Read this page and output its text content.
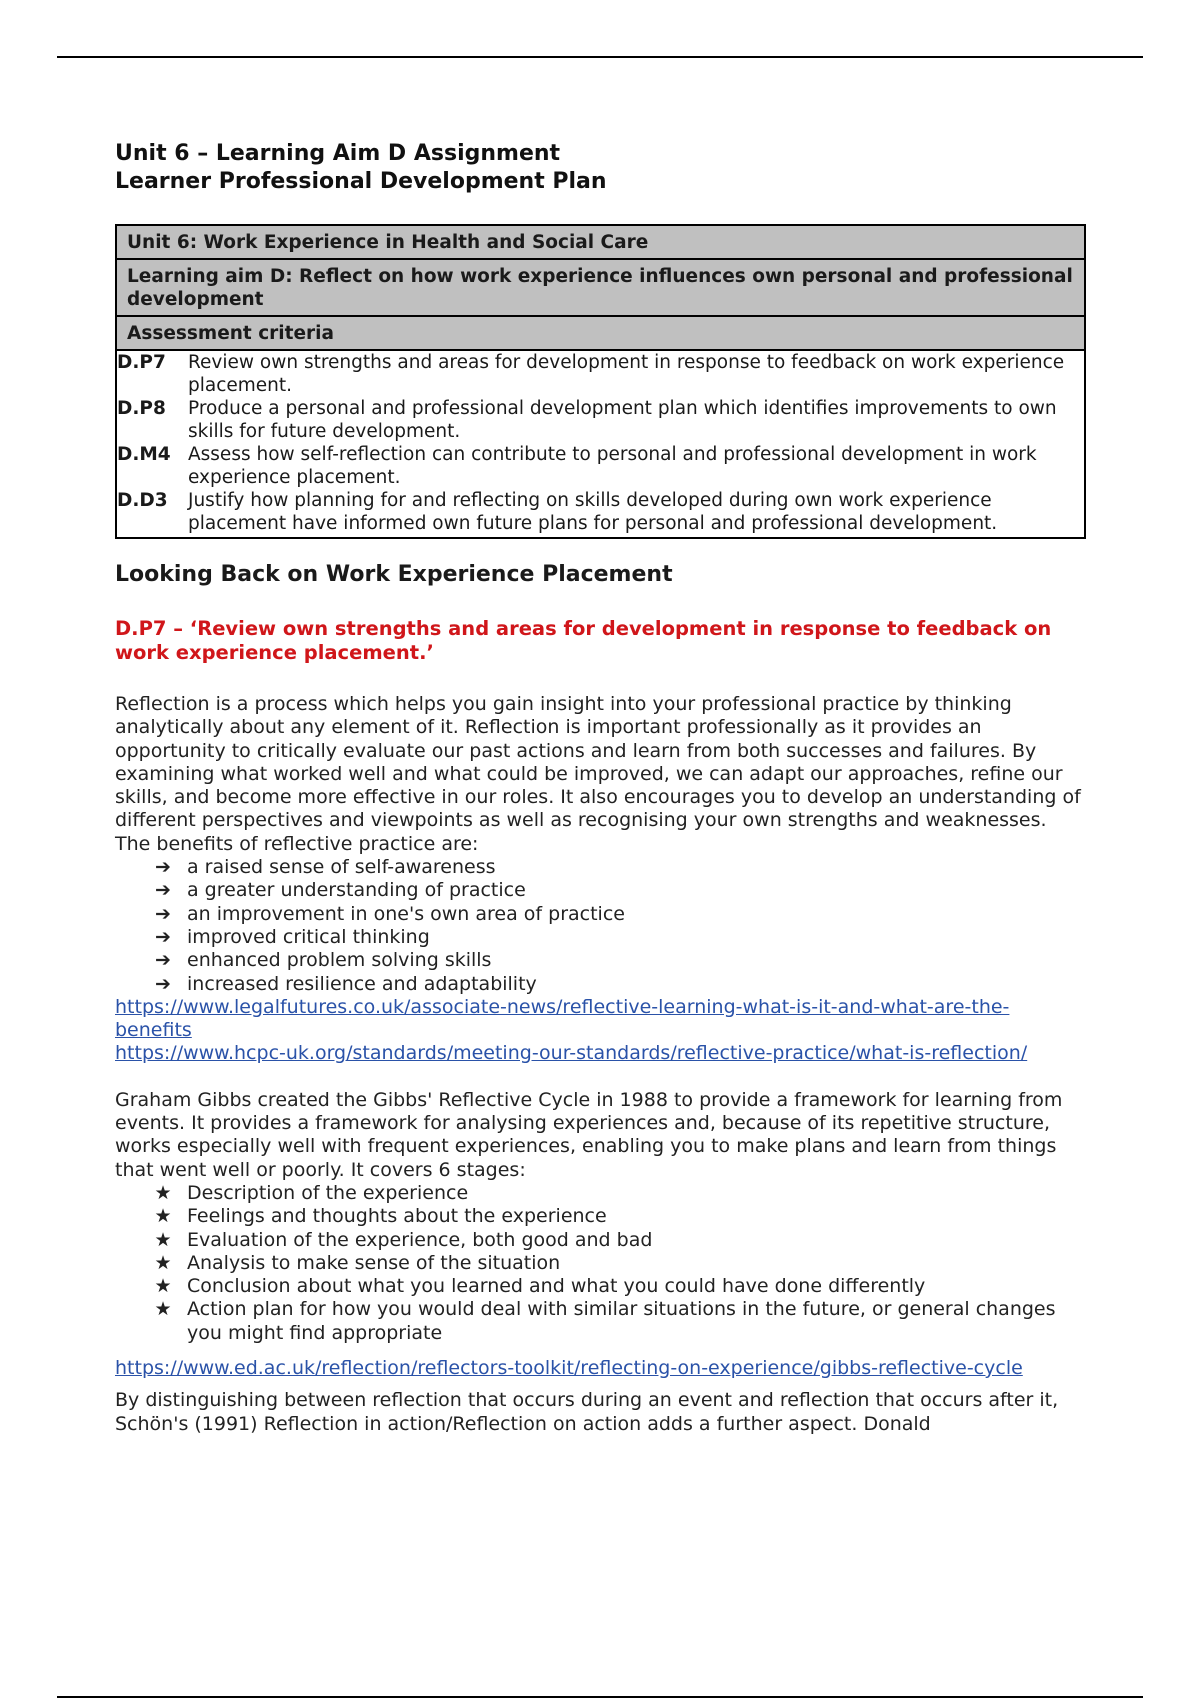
Unit 6 – Learning Aim D Assignment
Learner Professional Development Plan
Unit 6: Work Experience in Health and Social Care	
Learning aim D: Reflect on how work experience influences own personal and professional development	
Assessment criteria	
D.P7	Review own strengths and areas for development in response to feedback on work experience placement.
D.P8	Produce a personal and professional development plan which identifies improvements to own skills for future development.
D.M4	Assess how self-reflection can contribute to personal and professional development in work experience placement.
D.D3	Justify how planning for and reflecting on skills developed during own work experience placement have informed own future plans for personal and professional development.
Looking Back on Work Experience Placement
D.P7 – ‘Review own strengths and areas for development in response to feedback on work experience placement.’

Reflection is a process which helps you gain insight into your professional practice by thinking analytically about any element of it. Reflection is important professionally as it provides an opportunity to critically evaluate our past actions and learn from both successes and failures. By examining what worked well and what could be improved, we can adapt our approaches, refine our skills, and become more effective in our roles. It also encourages you to develop an understanding of different perspectives and viewpoints as well as recognising your own strengths and weaknesses. The benefits of reflective practice are:

➔ a raised sense of self-awareness
➔ a greater understanding of practice
➔ an improvement in one's own area of practice
➔ improved critical thinking
➔ enhanced problem solving skills
➔ increased resilience and adaptability
https://www.legalfutures.co.uk/associate-news/reflective-learning-what-is-it-and-what-are-the-benefits
https://www.hcpc-uk.org/standards/meeting-our-standards/reflective-practice/what-is-reflection/

Graham Gibbs created the Gibbs' Reflective Cycle in 1988 to provide a framework for learning from events. It provides a framework for analysing experiences and, because of its repetitive structure, works especially well with frequent experiences, enabling you to make plans and learn from things that went well or poorly. It covers 6 stages:

★ Description of the experience
★ Feelings and thoughts about the experience
★ Evaluation of the experience, both good and bad
★ Analysis to make sense of the situation
★ Conclusion about what you learned and what you could have done differently
★ Action plan for how you would deal with similar situations in the future, or general changes you might find appropriate
https://www.ed.ac.uk/reflection/reflectors-toolkit/reflecting-on-experience/gibbs-reflective-cycle

By distinguishing between reflection that occurs during an event and reflection that occurs after it, Schön's (1991) Reflection in action/Reflection on action adds a further aspect. Donald
